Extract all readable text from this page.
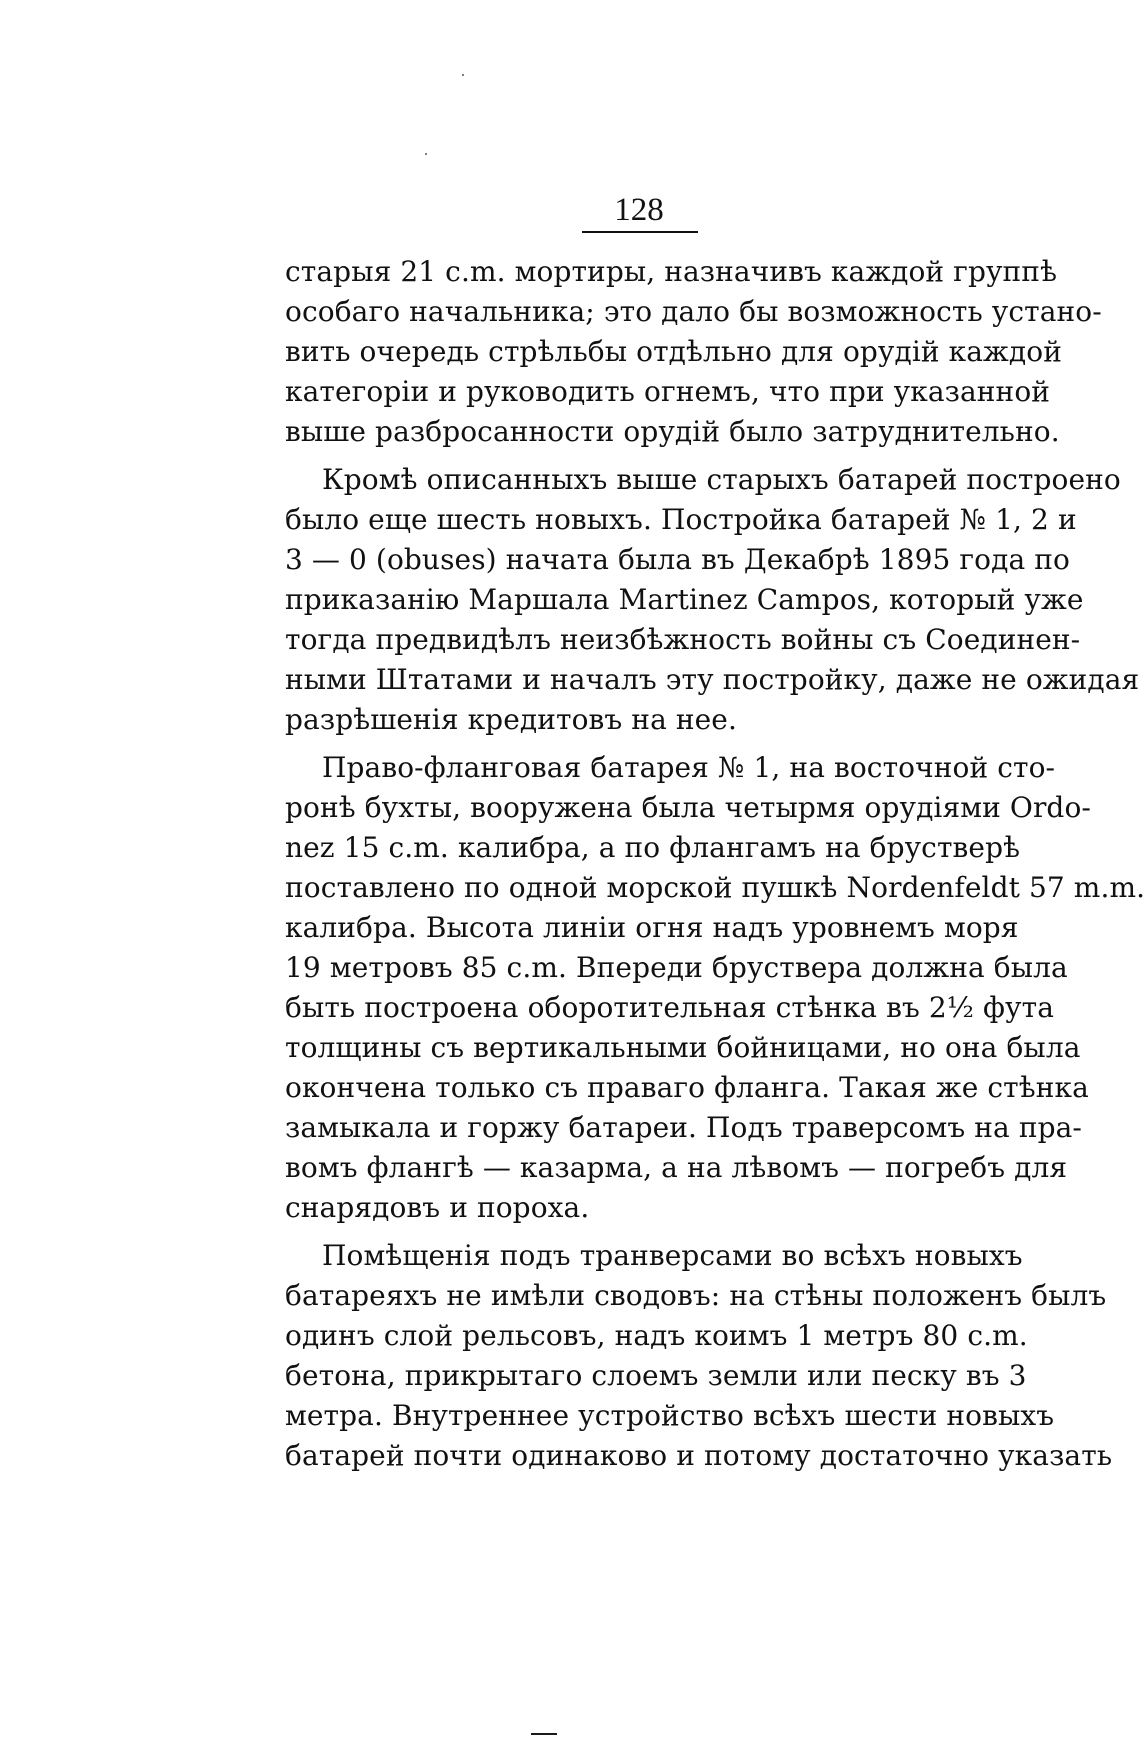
128
старыя 21 c.m. мортиры, назначивъ каждой группѣ
особаго начальника; это дало бы возможность устано-
вить очередь стрѣльбы отдѣльно для орудій каждой
категоріи и руководить огнемъ, что при указанной
выше разбросанности орудій было затруднительно.
Кромѣ описанныхъ выше старыхъ батарей построено
было еще шесть новыхъ. Постройка батарей № 1, 2 и
3 — 0 (obuses) начата была въ Декабрѣ 1895 года по
приказанію Маршала Martinez Campos, который уже
тогда предвидѣлъ неизбѣжность войны съ Соединен-
ными Штатами и началъ эту постройку, даже не ожидая
разрѣшенія кредитовъ на нее.
Право-фланговая батарея № 1, на восточной сто-
ронѣ бухты, вооружена была четырмя орудіями Ordo-
nez 15 c.m. калибра, а по флангамъ на брустверѣ
поставлено по одной морской пушкѣ Nordenfeldt 57 m.m.
калибра. Высота линіи огня надъ уровнемъ моря
19 метровъ 85 c.m. Впереди бруствера должна была
быть построена оборотительная стѣнка въ 2½ фута
толщины съ вертикальными бойницами, но она была
окончена только съ праваго фланга. Такая же стѣнка
замыкала и горжу батареи. Подъ траверсомъ на пра-
вомъ флангѣ — казарма, а на лѣвомъ — погребъ для
снарядовъ и пороха.
Помѣщенія подъ транверсами во всѣхъ новыхъ
батареяхъ не имѣли сводовъ: на стѣны положенъ былъ
одинъ слой рельсовъ, надъ коимъ 1 метръ 80 c.m.
бетона, прикрытаго слоемъ земли или песку въ 3
метра. Внутреннее устройство всѣхъ шести новыхъ
батарей почти одинаково и потому достаточно указать
